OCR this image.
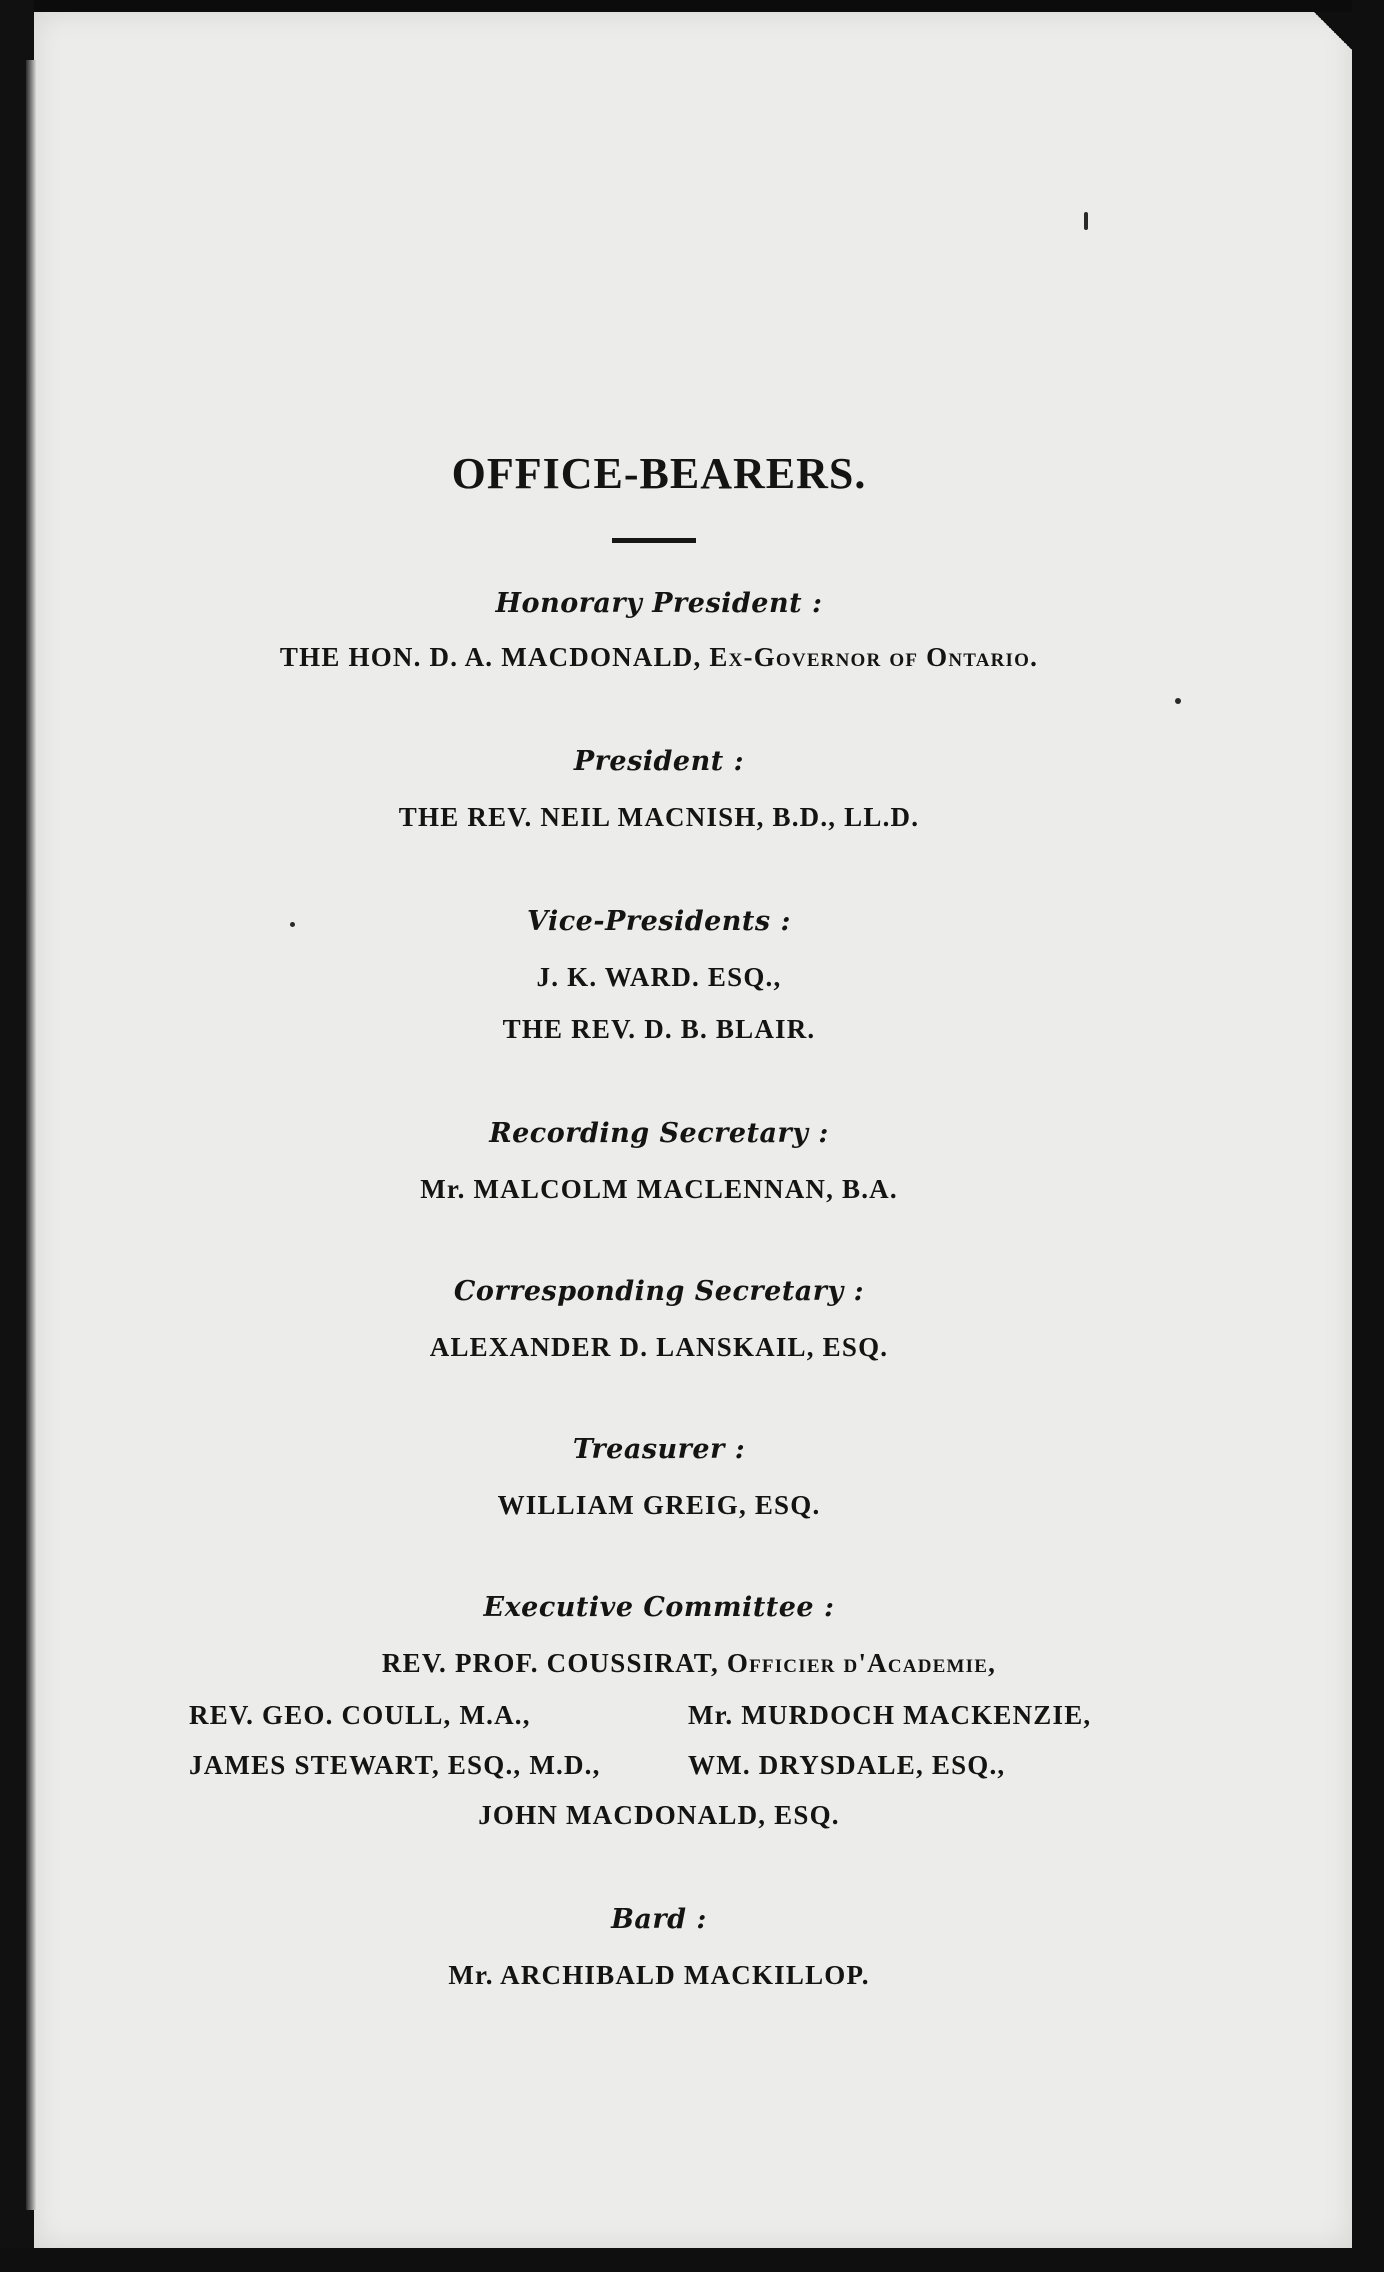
OFFICE-BEARERS.
Honorary President :
THE HON. D. A. MACDONALD, Ex-Governor of Ontario.
President :
THE REV. NEIL MACNISH, B.D., LL.D.
Vice-Presidents :
J. K. WARD. ESQ.,
THE REV. D. B. BLAIR.
Recording Secretary :
Mr. MALCOLM MACLENNAN, B.A.
Corresponding Secretary :
ALEXANDER D. LANSKAIL, ESQ.
Treasurer :
WILLIAM GREIG, ESQ.
Executive Committee :
REV. PROF. COUSSIRAT, Officier d'Academie,
REV. GEO. COULL, M.A.,	Mr. MURDOCH MACKENZIE,
JAMES STEWART, ESQ., M.D.,	WM. DRYSDALE, ESQ.,
JOHN MACDONALD, ESQ.
Bard :
Mr. ARCHIBALD MACKILLOP.
